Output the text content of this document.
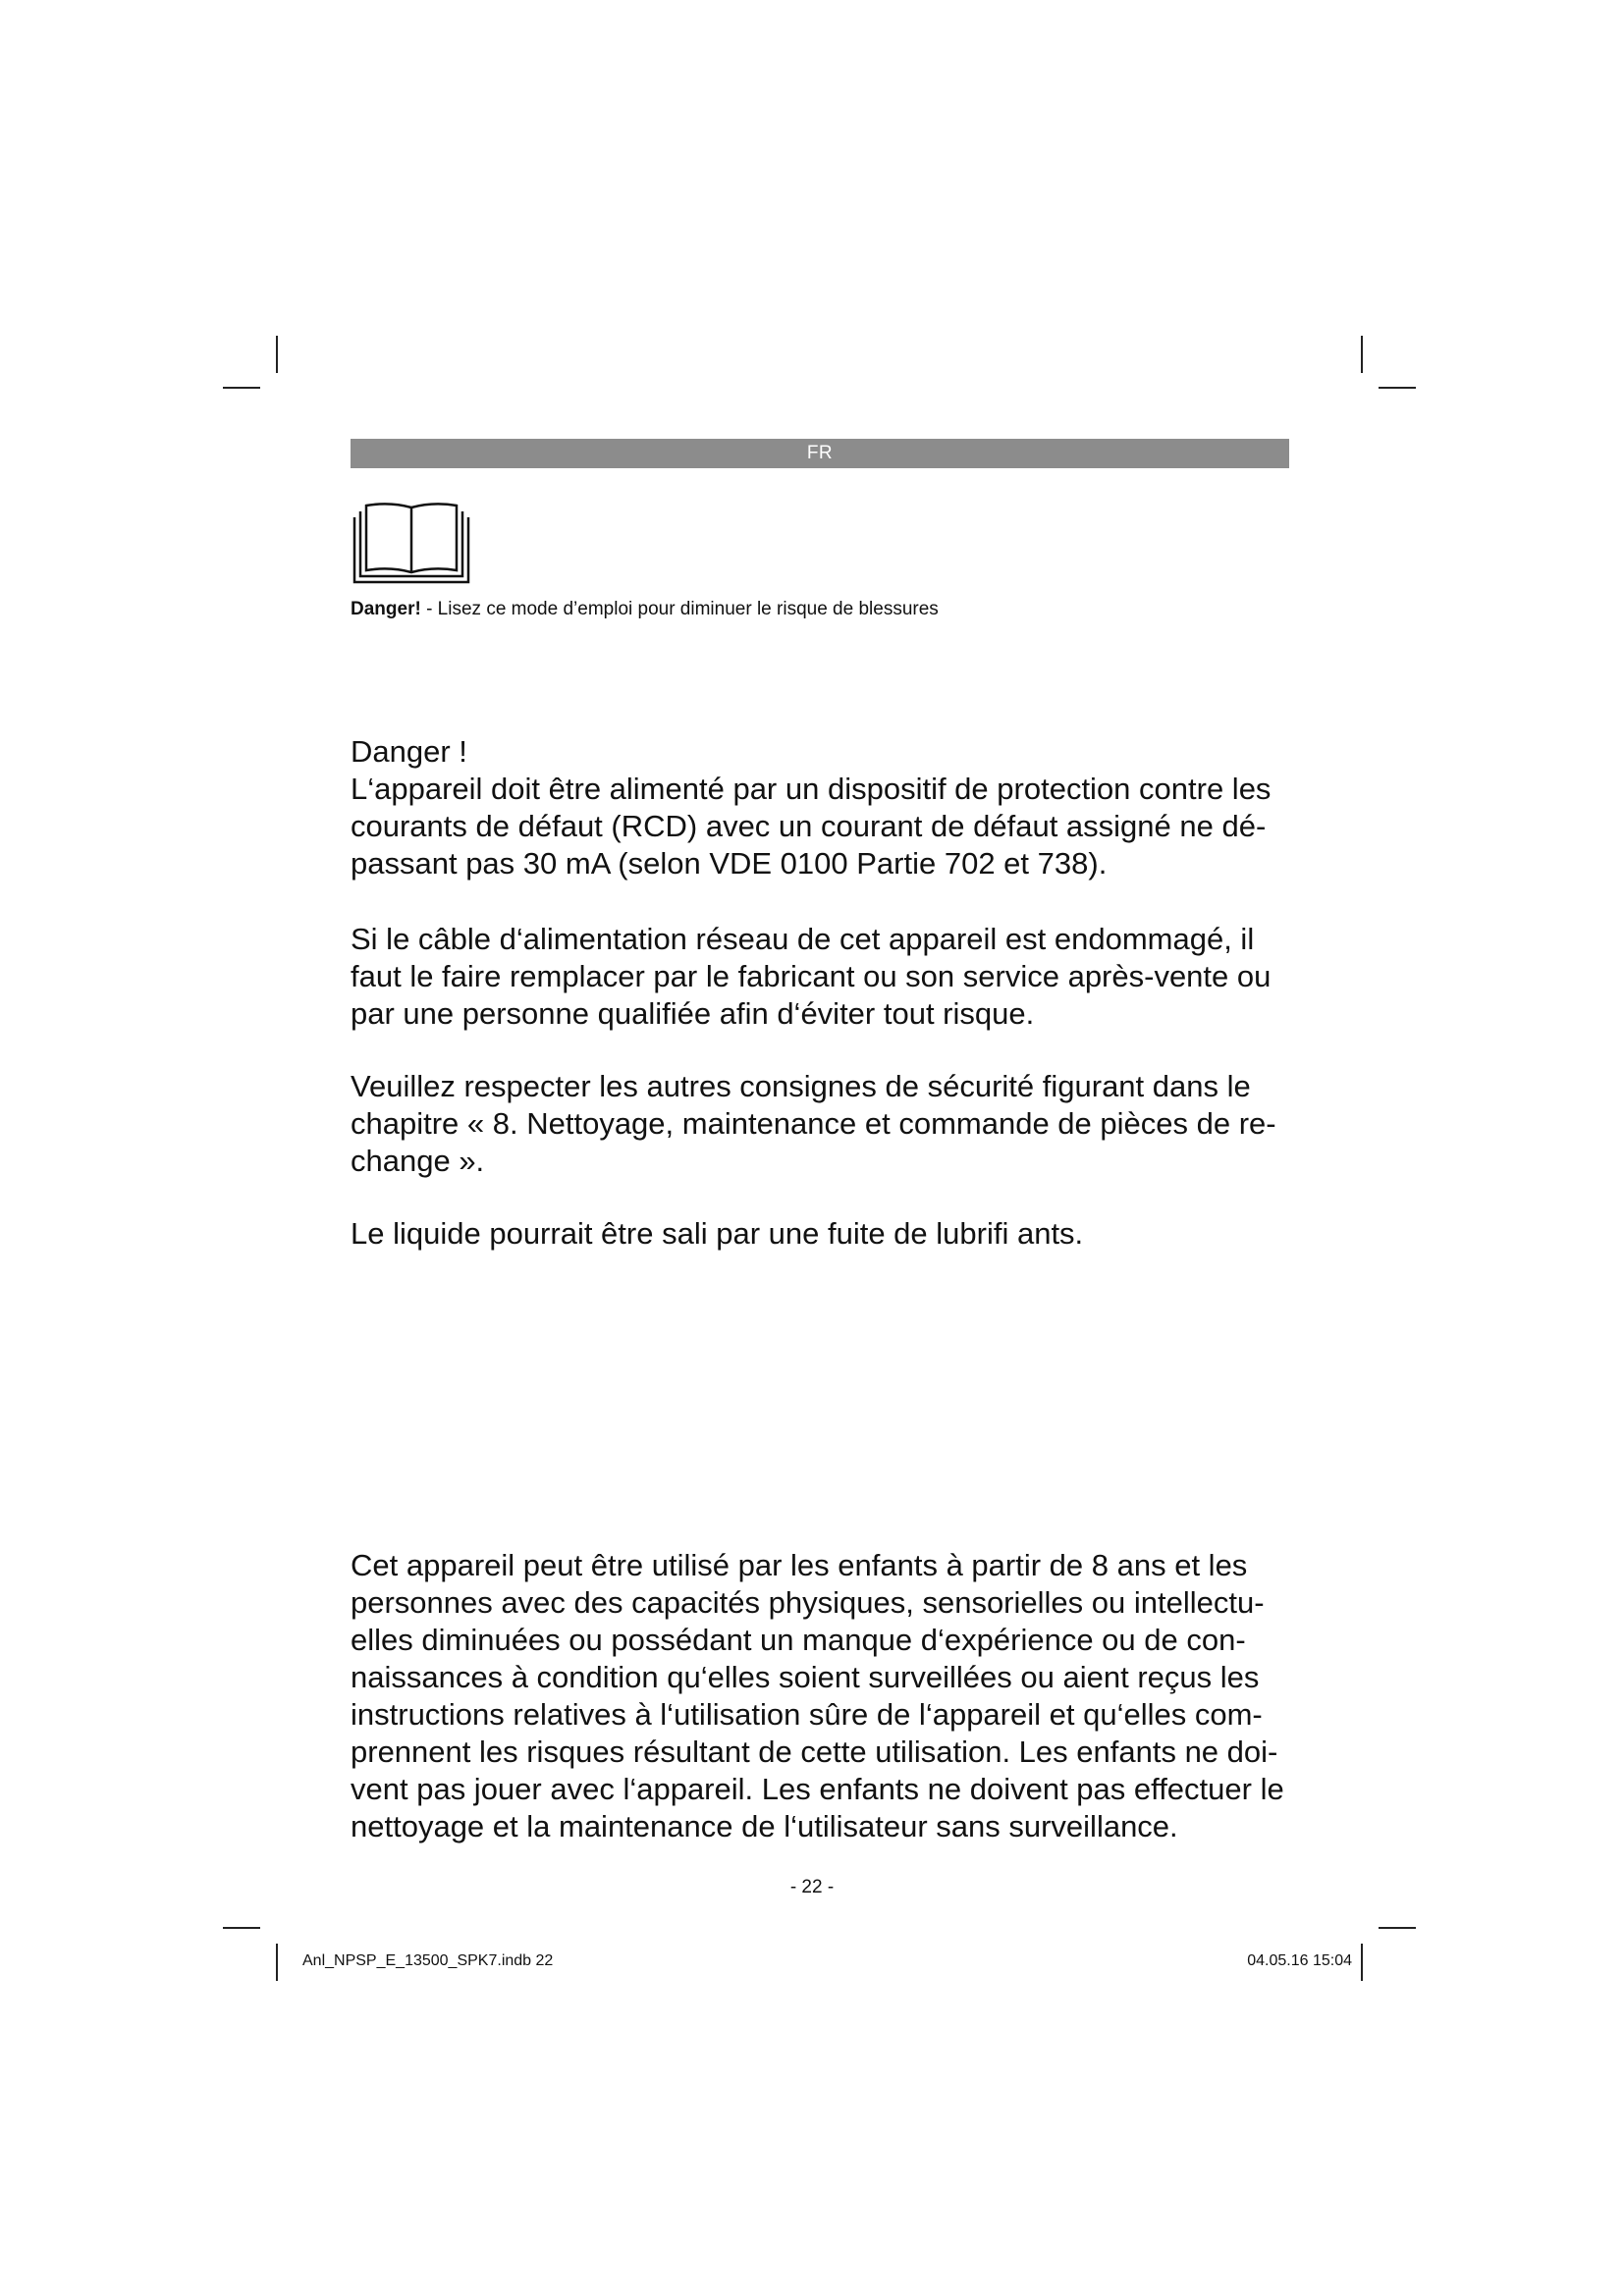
FR
Danger! - Lisez ce mode d’emploi pour diminuer le risque de blessures

Danger !

L‘appareil doit être alimenté par un dispositif de protection contre les

courants de défaut (RCD) avec un courant de défaut assigné ne dé-

passant pas 30 mA (selon VDE 0100 Partie 702 et 738).

Si le câble d‘alimentation réseau de cet appareil est endommagé, il

faut le faire remplacer par le fabricant ou son service après-vente ou

par une personne qualifiée afin d‘éviter tout risque.

Veuillez respecter les autres consignes de sécurité figurant dans le

chapitre « 8. Nettoyage, maintenance et commande de pièces de re-

change ».

Le liquide pourrait être sali par une fuite de lubrifi ants.

Cet appareil peut être utilisé par les enfants à partir de 8 ans et les

personnes avec des capacités physiques, sensorielles ou intellectu-

elles diminuées ou possédant un manque d‘expérience ou de con-

naissances à condition qu‘elles soient surveillées ou aient reçus les

instructions relatives à l‘utilisation sûre de l‘appareil et qu‘elles com-

prennent les risques résultant de cette utilisation. Les enfants ne doi-

vent pas jouer avec l‘appareil. Les enfants ne doivent pas effectuer le

nettoyage et la maintenance de l‘utilisateur sans surveillance.

- 22 -
Anl_NPSP_E_13500_SPK7.indb 22	04.05.16 15:04
